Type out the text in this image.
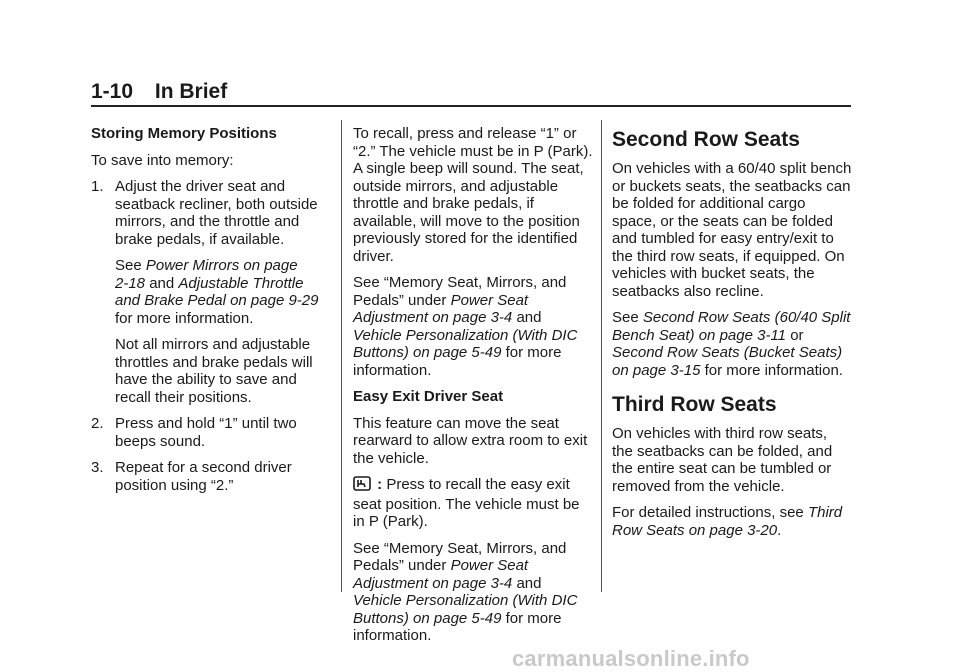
1-10 In Brief

Storing Memory Positions

To save into memory:

1. Adjust the driver seat and seatback recliner, both outside mirrors, and the throttle and brake pedals, if available.

See Power Mirrors on page 2‑18 and Adjustable Throttle and Brake Pedal on page 9‑29 for more information.

Not all mirrors and adjustable throttles and brake pedals will have the ability to save and recall their positions.

2. Press and hold “1” until two beeps sound.
3. Repeat for a second driver position using “2.”

To recall, press and release “1” or “2.” The vehicle must be in P (Park). A single beep will sound. The seat, outside mirrors, and adjustable throttle and brake pedals, if available, will move to the position previously stored for the identified driver.

See “Memory Seat, Mirrors, and Pedals” under Power Seat Adjustment on page 3‑4 and Vehicle Personalization (With DIC Buttons) on page 5‑49 for more information.

Easy Exit Driver Seat

This feature can move the seat rearward to allow extra room to exit the vehicle.

: Press to recall the easy exit seat position. The vehicle must be in P (Park).

See “Memory Seat, Mirrors, and Pedals” under Power Seat Adjustment on page 3‑4 and Vehicle Personalization (With DIC Buttons) on page 5‑49 for more information.

Second Row Seats

On vehicles with a 60/40 split bench or buckets seats, the seatbacks can be folded for additional cargo space, or the seats can be folded and tumbled for easy entry/exit to the third row seats, if equipped. On vehicles with bucket seats, the seatbacks also recline.

See Second Row Seats (60/40 Split Bench Seat) on page 3‑11 or Second Row Seats (Bucket Seats) on page 3‑15 for more information.

Third Row Seats

On vehicles with third row seats, the seatbacks can be folded, and the entire seat can be tumbled or removed from the vehicle.

For detailed instructions, see Third Row Seats on page 3‑20.

carmanualsonline.info
